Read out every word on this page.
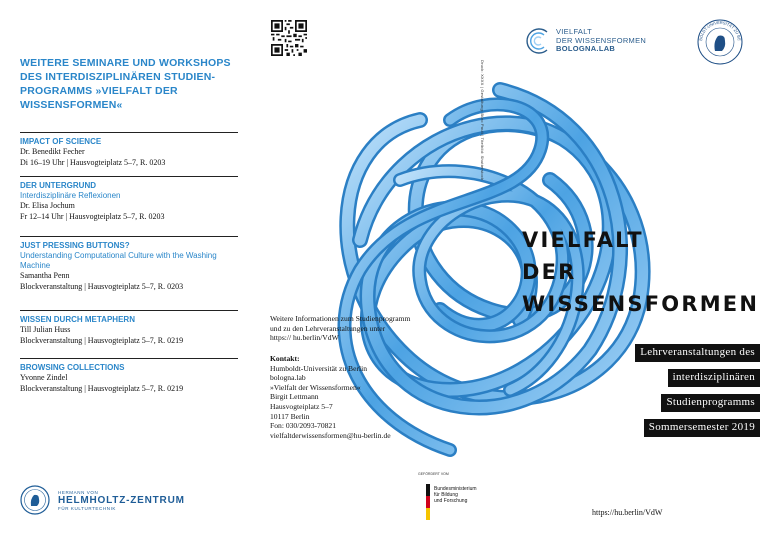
WEITERE SEMINARE UND WORKSHOPS DES INTERDISZIPLINÄREN STUDIEN- PROGRAMMS »VIELFALT DER WISSENSFORMEN«
IMPACT OF SCIENCE
Dr. Benedikt Fecher
Di 16–19 Uhr | Hausvogteiplatz 5–7, R. 0203
DER UNTERGRUND
Interdisziplinäre Reflexionen
Dr. Elisa Jochum
Fr 12–14 Uhr | Hausvogteiplatz 5–7, R. 0203
JUST PRESSING BUTTONS?
Understanding Computational Culture with the Washing Machine
Samantha Penn
Blockveranstaltung | Hausvogteiplatz 5–7, R. 0203
WISSEN DURCH METAPHERN
Till Julian Huss
Blockveranstaltung | Hausvogteiplatz 5–7, R. 0219
BROWSING COLLECTIONS
Yvonne Zindel
Blockveranstaltung | Hausvogteiplatz 5–7, R. 0219
HERMANN VON
HELMHOLTZ-ZENTRUM
FÜR KULTURTECHNIK
Druck: XXXX | Gestaltung: Büro Pauli | Titelbild: Shutterstock
Weitere Informationen zum Studienprogramm
und zu den Lehrveranstaltungen unter
https:// hu.berlin/VdW
Kontakt:
Humboldt-Universität zu Berlin
bologna.lab
»Vielfalt der Wissensformen«
Birgit Lettmann
Hausvogteiplatz 5–7
10117 Berlin
Fon: 030/2093-70821
vielfaltderwissensformen@hu-berlin.de
GEFÖRDERT VOM
Bundesministerium
für Bildung
und Forschung
VIELFALT
DER WISSENSFORMEN
BOLOGNA.LAB
BOLDT-UNIVERSITÄT ZU BE
VIELFALT
DER
WISSENSFORMEN
Lehrveranstaltungen des
interdisziplinären
Studienprogramms
Sommersemester 2019
https://hu.berlin/VdW
